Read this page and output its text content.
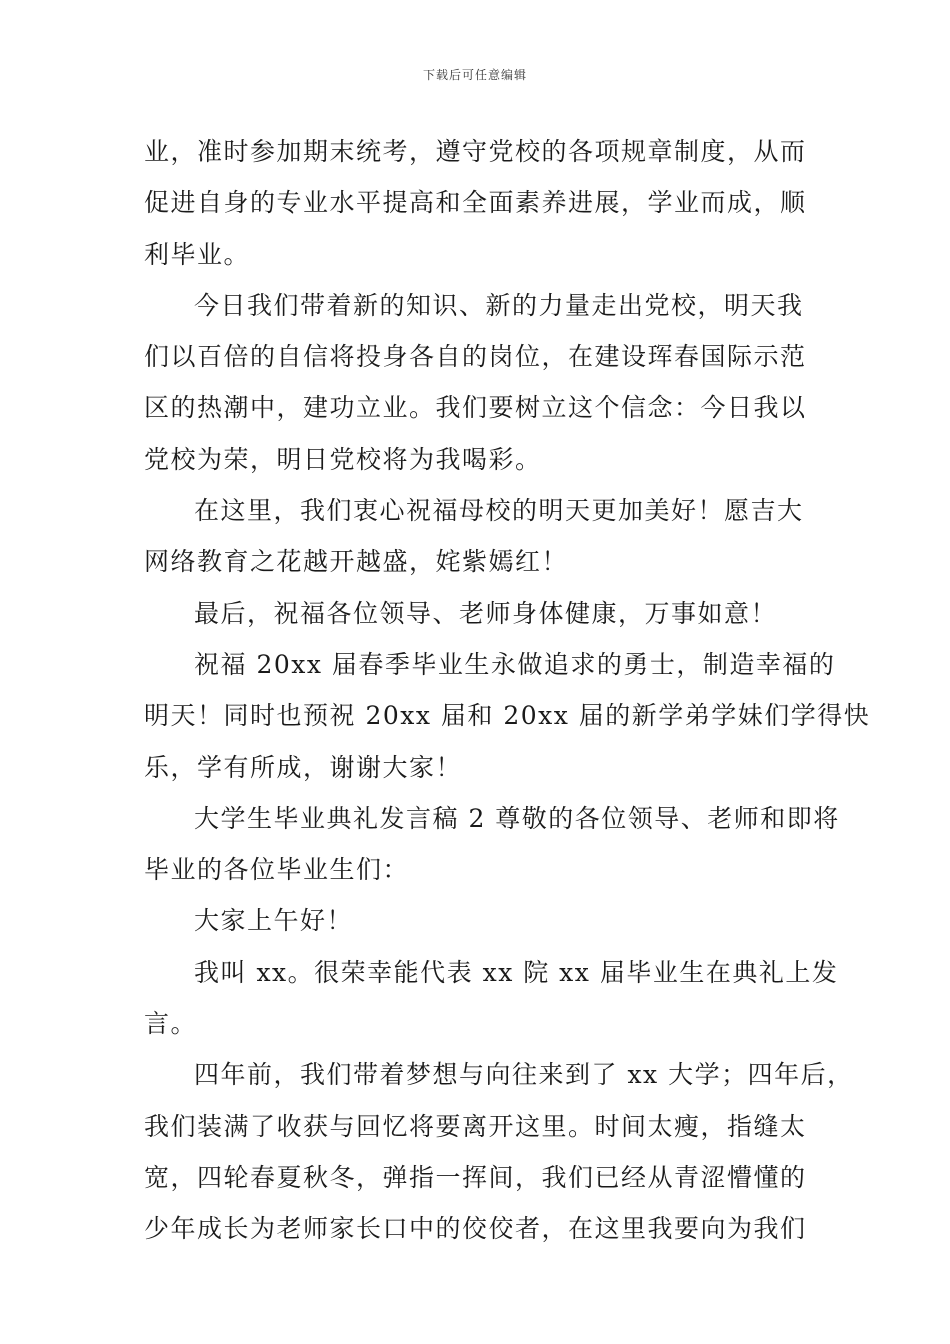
下载后可任意编辑
业，准时参加期末统考，遵守党校的各项规章制度，从而
促进自身的专业水平提高和全面素养进展，学业而成，顺
利毕业。
今日我们带着新的知识、新的力量走出党校，明天我
们以百倍的自信将投身各自的岗位，在建设珲春国际示范
区的热潮中，建功立业。我们要树立这个信念：今日我以
党校为荣，明日党校将为我喝彩。
在这里，我们衷心祝福母校的明天更加美好！愿吉大
网络教育之花越开越盛，姹紫嫣红！
最后，祝福各位领导、老师身体健康，万事如意！
祝福 20xx 届春季毕业生永做追求的勇士，制造幸福的
明天！同时也预祝 20xx 届和 20xx 届的新学弟学妹们学得快
乐，学有所成，谢谢大家！
大学生毕业典礼发言稿 2 尊敬的各位领导、老师和即将
毕业的各位毕业生们：
大家上午好！
我叫 xx。很荣幸能代表 xx 院 xx 届毕业生在典礼上发
言。
四年前，我们带着梦想与向往来到了 xx 大学；四年后，
我们装满了收获与回忆将要离开这里。时间太瘦，指缝太
宽，四轮春夏秋冬，弹指一挥间，我们已经从青涩懵懂的
少年成长为老师家长口中的佼佼者，在这里我要向为我们
